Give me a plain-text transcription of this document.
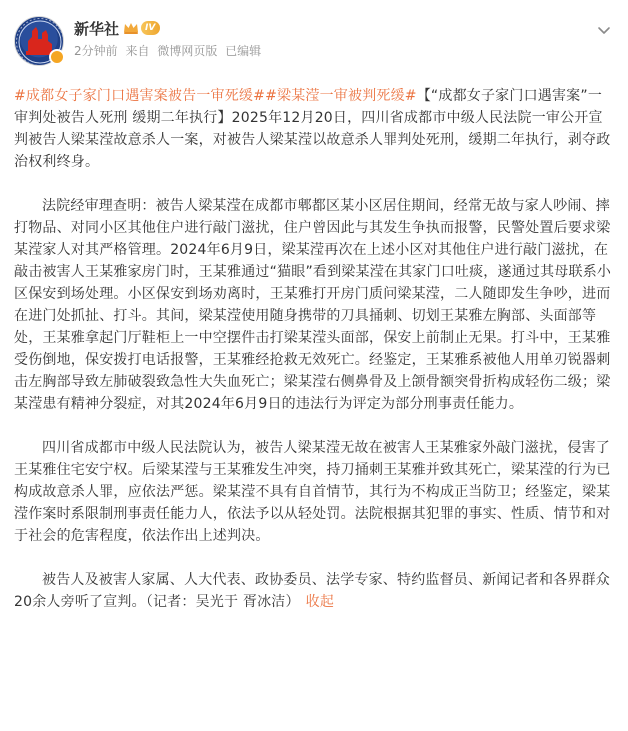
新华社	IV
2分钟前 来自 微博网页版 已编辑

#成都女子家门口遇害案被告一审死缓##梁某滢一审被判死缓#【“成都女子家门口遇害案”一审判处被告人死刑 缓期二年执行】2025年12月20日，四川省成都市中级人民法院一审公开宣判被告人梁某滢故意杀人一案，对被告人梁某滢以故意杀人罪判处死刑，缓期二年执行，剥夺政治权利终身。

法院经审理查明：被告人梁某滢在成都市郫都区某小区居住期间，经常无故与家人吵闹、摔打物品、对同小区其他住户进行敲门滋扰，住户曾因此与其发生争执而报警，民警处置后要求梁某滢家人对其严格管理。2024年6月9日，梁某滢再次在上述小区对其他住户进行敲门滋扰，在敲击被害人王某雅家房门时，王某雅通过“猫眼”看到梁某滢在其家门口吐痰，遂通过其母联系小区保安到场处理。小区保安到场劝离时，王某雅打开房门质问梁某滢，二人随即发生争吵，进而在进门处抓扯、打斗。其间，梁某滢使用随身携带的刀具捅刺、切划王某雅左胸部、头面部等处，王某雅拿起门厅鞋柜上一中空摆件击打梁某滢头面部，保安上前制止无果。打斗中，王某雅受伤倒地，保安拨打电话报警，王某雅经抢救无效死亡。经鉴定，王某雅系被他人用单刃锐器刺击左胸部导致左肺破裂致急性大失血死亡；梁某滢右侧鼻骨及上颌骨额突骨折构成轻伤二级；梁某滢患有精神分裂症，对其2024年6月9日的违法行为评定为部分刑事责任能力。

四川省成都市中级人民法院认为，被告人梁某滢无故在被害人王某雅家外敲门滋扰，侵害了王某雅住宅安宁权。后梁某滢与王某雅发生冲突，持刀捅刺王某雅并致其死亡，梁某滢的行为已构成故意杀人罪，应依法严惩。梁某滢不具有自首情节，其行为不构成正当防卫；经鉴定，梁某滢作案时系限制刑事责任能力人，依法予以从轻处罚。法院根据其犯罪的事实、性质、情节和对于社会的危害程度，依法作出上述判决。

被告人及被害人家属、人大代表、政协委员、法学专家、特约监督员、新闻记者和各界群众20余人旁听了宣判。（记者：吴光于 胥冰洁） 收起
